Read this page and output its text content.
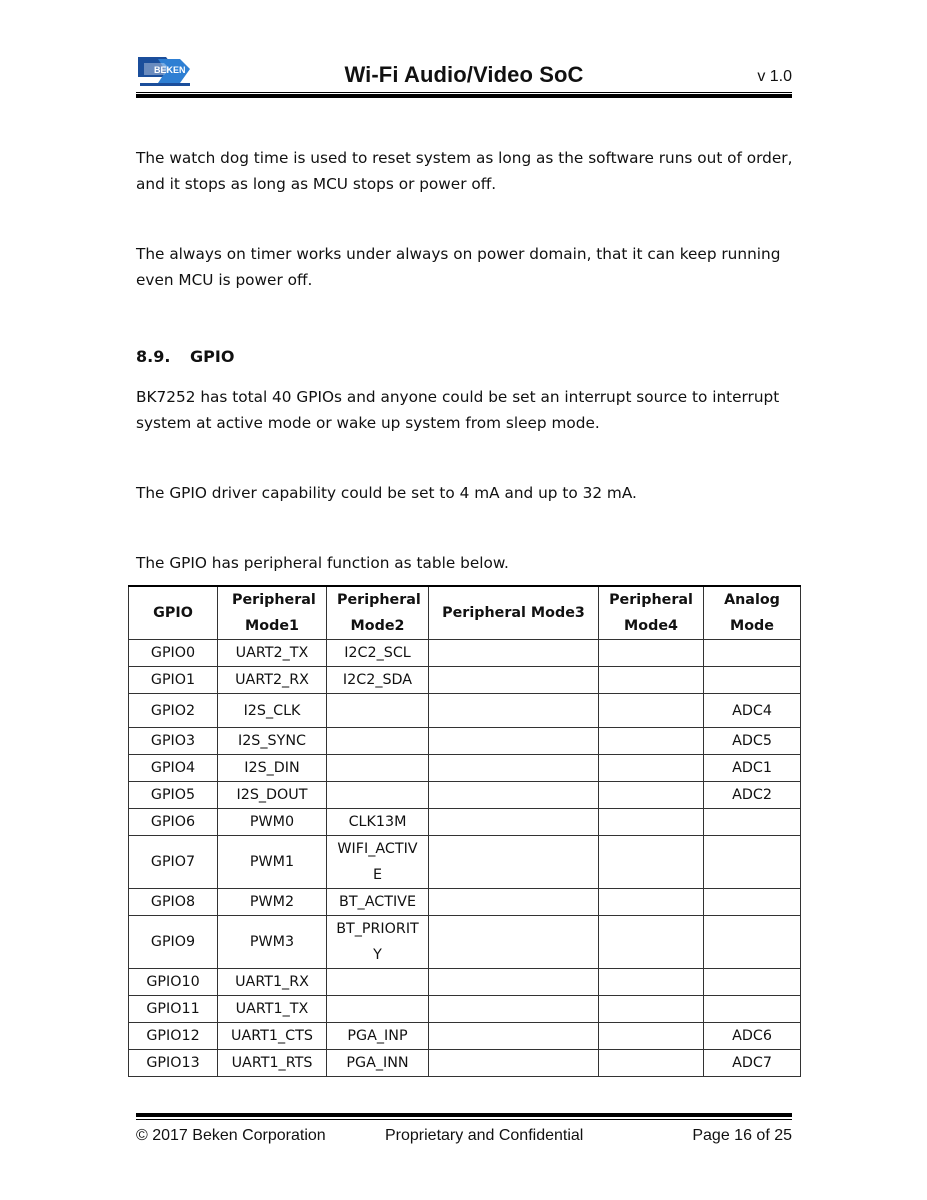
BEKEN	Wi-Fi Audio/Video SoC	v 1.0
The watch dog time is used to reset system as long as the software runs out of order, and it stops as long as MCU stops or power off.
The always on timer works under always on power domain, that it can keep running even MCU is power off.
8.9. GPIO
BK7252 has total 40 GPIOs and anyone could be set an interrupt source to interrupt system at active mode or wake up system from sleep mode.
The GPIO driver capability could be set to 4 mA and up to 32 mA.
The GPIO has peripheral function as table below.
GPIO	Peripheral Mode1	Peripheral Mode2	Peripheral Mode3	Peripheral Mode4	Analog Mode

GPIO0	UART2_TX	I2C2_SCL			
GPIO1	UART2_RX	I2C2_SDA			
GPIO2	I2S_CLK				ADC4
GPIO3	I2S_SYNC				ADC5
GPIO4	I2S_DIN				ADC1
GPIO5	I2S_DOUT				ADC2
GPIO6	PWM0	CLK13M			
GPIO7	PWM1	WIFI_ACTIVE			

GPIO8	PWM2	BT_ACTIVE			
GPIO9	PWM3	BT_PRIORITY			

GPIO10	UART1_RX				
GPIO11	UART1_TX				
GPIO12	UART1_CTS	PGA_INP			ADC6
GPIO13	UART1_RTS	PGA_INN			ADC7
© 2017 Beken Corporation	Proprietary and Confidential	Page 16 of 25
